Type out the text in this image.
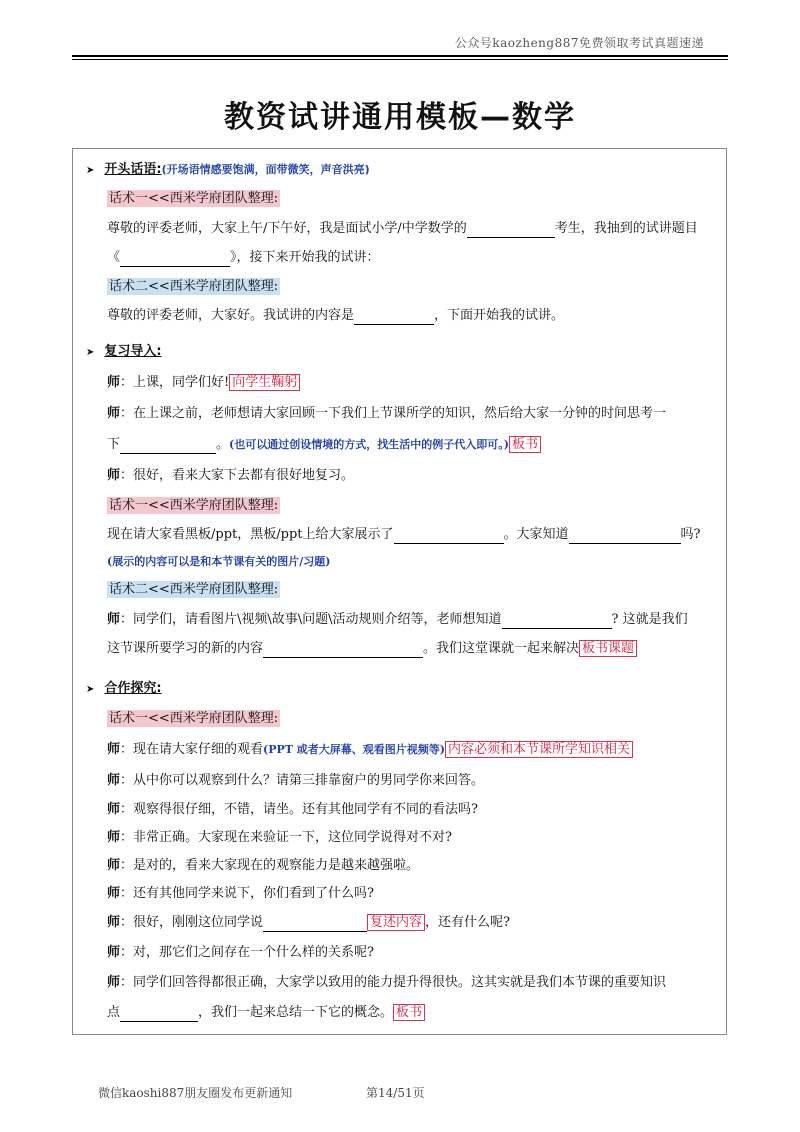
公众号kaozheng887免费领取考试真题速递
教资试讲通用模板—数学
➤ 开头话语:(开场语情感要饱满，面带微笑，声音洪亮)
话术一<<西米学府团队整理:
尊敬的评委老师，大家上午/下午好，我是面试小学/中学数学的	考生，我抽到的试讲题目
《	》，接下来开始我的试讲：
话术二<<西米学府团队整理:
尊敬的评委老师，大家好。我试讲的内容是	，下面开始我的试讲。
➤ 复习导入:
师：上课，同学们好! 向学生鞠躬
师：在上课之前，老师想请大家回顾一下我们上节课所学的知识，然后给大家一分钟的时间思考一
下	。(也可以通过创设情境的方式，找生活中的例子代入即可。) 板书
师：很好，看来大家下去都有很好地复习。
话术一<<西米学府团队整理:
现在请大家看黑板/ppt，黑板/ppt上给大家展示了	。大家知道	吗?
(展示的内容可以是和本节课有关的图片/习题)
话术二<<西米学府团队整理:
师：同学们，请看图片\视频\故事\问题\活动规则介绍等，老师想知道	? 这就是我们
这节课所要学习的新的内容	。我们这堂课就一起来解决 板书课题
➤ 合作探究:
话术一<<西米学府团队整理:
师：现在请大家仔细的观看(PPT 或者大屏幕、观看图片视频等) 内容必须和本节课所学知识相关
师：从中你可以观察到什么？请第三排靠窗户的男同学你来回答。
师：观察得很仔细，不错，请坐。还有其他同学有不同的看法吗?
师：非常正确。大家现在来验证一下，这位同学说得对不对?
师：是对的，看来大家现在的观察能力是越来越强啦。
师：还有其他同学来说下，你们看到了什么吗?
师：很好，刚刚这位同学说	复述内容 ，还有什么呢?
师：对，那它们之间存在一个什么样的关系呢?
师：同学们回答得都很正确，大家学以致用的能力提升得很快。这其实就是我们本节课的重要知识
点	，我们一起来总结一下它的概念。 板书
微信kaoshi887朋友圈发布更新通知	第14/51页
